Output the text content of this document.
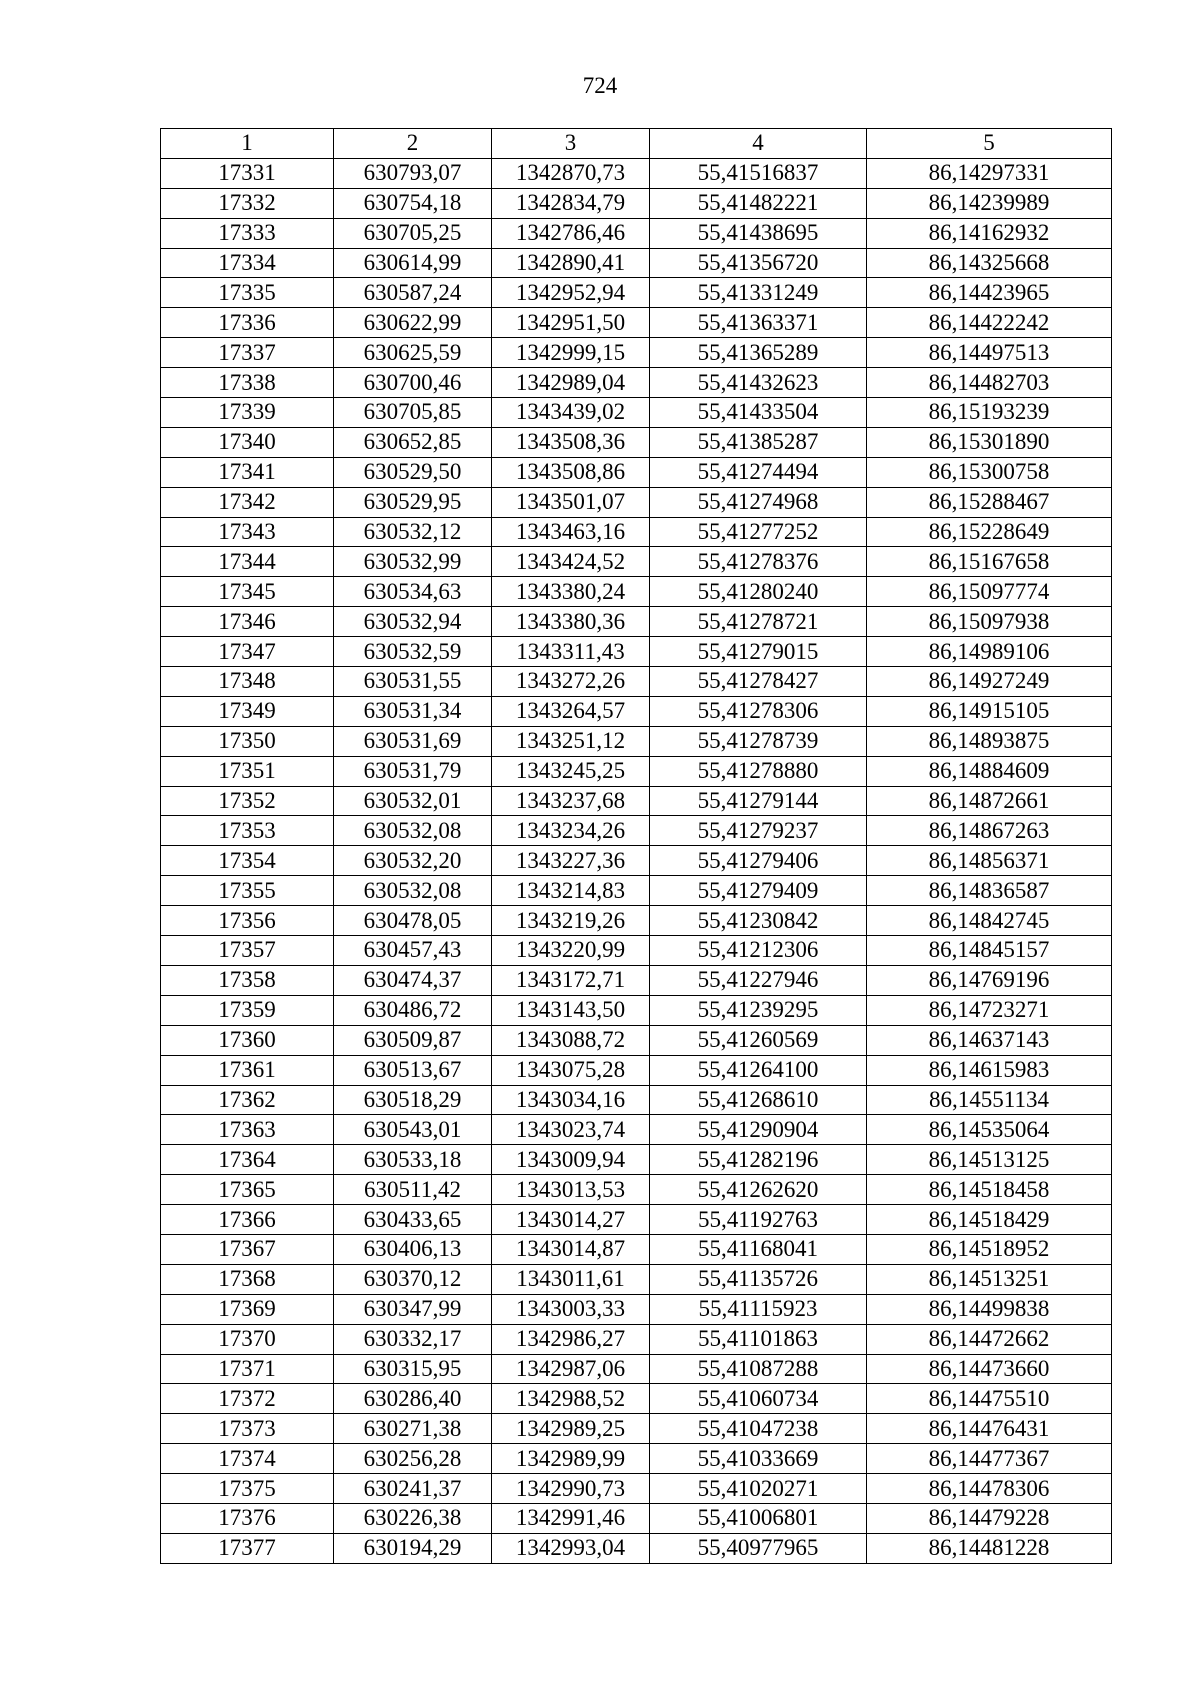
724
1	2	3	4	5
17331	630793,07	1342870,73	55,41516837	86,14297331
17332	630754,18	1342834,79	55,41482221	86,14239989
17333	630705,25	1342786,46	55,41438695	86,14162932
17334	630614,99	1342890,41	55,41356720	86,14325668
17335	630587,24	1342952,94	55,41331249	86,14423965
17336	630622,99	1342951,50	55,41363371	86,14422242
17337	630625,59	1342999,15	55,41365289	86,14497513
17338	630700,46	1342989,04	55,41432623	86,14482703
17339	630705,85	1343439,02	55,41433504	86,15193239
17340	630652,85	1343508,36	55,41385287	86,15301890
17341	630529,50	1343508,86	55,41274494	86,15300758
17342	630529,95	1343501,07	55,41274968	86,15288467
17343	630532,12	1343463,16	55,41277252	86,15228649
17344	630532,99	1343424,52	55,41278376	86,15167658
17345	630534,63	1343380,24	55,41280240	86,15097774
17346	630532,94	1343380,36	55,41278721	86,15097938
17347	630532,59	1343311,43	55,41279015	86,14989106
17348	630531,55	1343272,26	55,41278427	86,14927249
17349	630531,34	1343264,57	55,41278306	86,14915105
17350	630531,69	1343251,12	55,41278739	86,14893875
17351	630531,79	1343245,25	55,41278880	86,14884609
17352	630532,01	1343237,68	55,41279144	86,14872661
17353	630532,08	1343234,26	55,41279237	86,14867263
17354	630532,20	1343227,36	55,41279406	86,14856371
17355	630532,08	1343214,83	55,41279409	86,14836587
17356	630478,05	1343219,26	55,41230842	86,14842745
17357	630457,43	1343220,99	55,41212306	86,14845157
17358	630474,37	1343172,71	55,41227946	86,14769196
17359	630486,72	1343143,50	55,41239295	86,14723271
17360	630509,87	1343088,72	55,41260569	86,14637143
17361	630513,67	1343075,28	55,41264100	86,14615983
17362	630518,29	1343034,16	55,41268610	86,14551134
17363	630543,01	1343023,74	55,41290904	86,14535064
17364	630533,18	1343009,94	55,41282196	86,14513125
17365	630511,42	1343013,53	55,41262620	86,14518458
17366	630433,65	1343014,27	55,41192763	86,14518429
17367	630406,13	1343014,87	55,41168041	86,14518952
17368	630370,12	1343011,61	55,41135726	86,14513251
17369	630347,99	1343003,33	55,41115923	86,14499838
17370	630332,17	1342986,27	55,41101863	86,14472662
17371	630315,95	1342987,06	55,41087288	86,14473660
17372	630286,40	1342988,52	55,41060734	86,14475510
17373	630271,38	1342989,25	55,41047238	86,14476431
17374	630256,28	1342989,99	55,41033669	86,14477367
17375	630241,37	1342990,73	55,41020271	86,14478306
17376	630226,38	1342991,46	55,41006801	86,14479228
17377	630194,29	1342993,04	55,40977965	86,14481228
